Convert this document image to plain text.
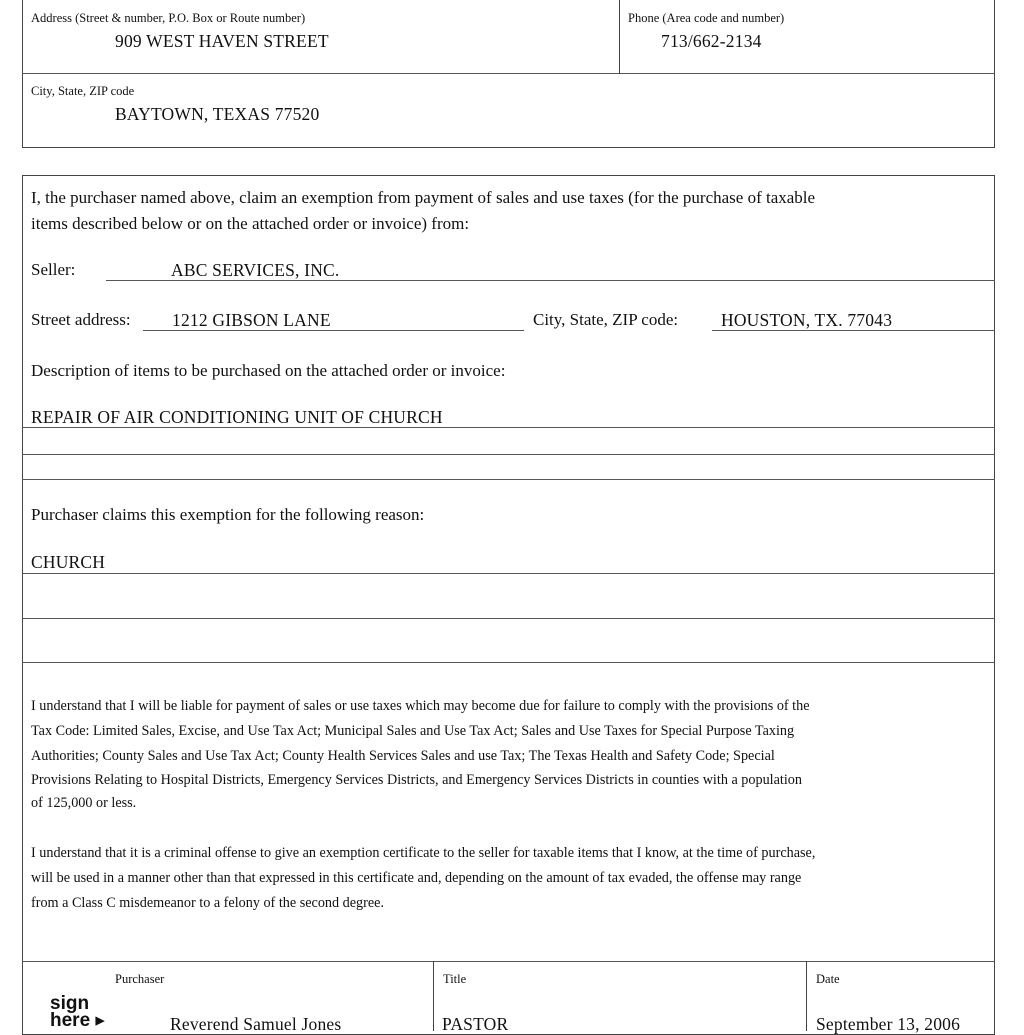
Address (Street & number, P.O. Box or Route number)
909 WEST HAVEN STREET
Phone (Area code and number)
713/662-2134
City, State, ZIP code
BAYTOWN, TEXAS 77520
I, the purchaser named above, claim an exemption from payment of sales and use taxes (for the purchase of taxable
items described below or on the attached order or invoice) from:
Seller:	ABC SERVICES, INC.
Street address: 1212 GIBSON LANE	City, State, ZIP code: HOUSTON, TX. 77043
Description of items to be purchased on the attached order or invoice:
REPAIR OF AIR CONDITIONING UNIT OF CHURCH
Purchaser claims this exemption for the following reason:
CHURCH
I understand that I will be liable for payment of sales or use taxes which may become due for failure to comply with the provisions of the
Tax Code: Limited Sales, Excise, and Use Tax Act; Municipal Sales and Use Tax Act; Sales and Use Taxes for Special Purpose Taxing
Authorities; County Sales and Use Tax Act; County Health Services Sales and use Tax; The Texas Health and Safety Code; Special
Provisions Relating to Hospital Districts, Emergency Services Districts, and Emergency Services Districts in counties with a population
of 125,000 or less.
I understand that it is a criminal offense to give an exemption certificate to the seller for taxable items that I know, at the time of purchase,
will be used in a manner other than that expressed in this certificate and, depending on the amount of tax evaded, the offense may range
from a Class C misdemeanor to a felony of the second degree.
Purchaser
sign
here ▸	Reverend Samuel Jones
Title
PASTOR
Date
September 13, 2006
